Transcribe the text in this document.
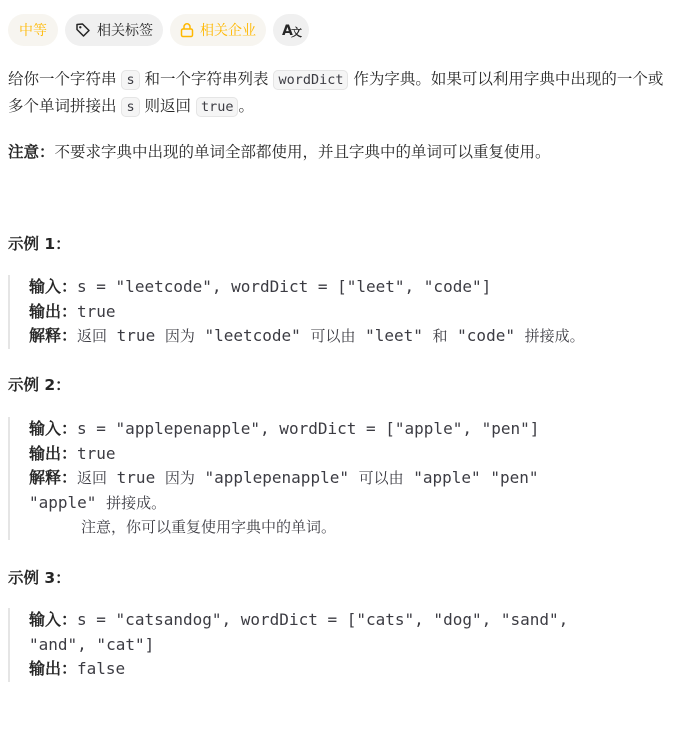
中等	相关标签	相关企业 A
文
给你一个字符串 s 和一个字符串列表 wordDict 作为字典。如果可以利用字典中出现的一个或多个单词拼接出 s 则返回 true 。
注意：不要求字典中出现的单词全部都使用，并且字典中的单词可以重复使用。
示例 1：
输入：s = "leetcode", wordDict = ["leet", "code"]
输出：true
解释：返回 true 因为 "leetcode" 可以由 "leet" 和 "code" 拼接成。
示例 2：
输入：s = "applepenapple", wordDict = ["apple", "pen"]
输出：true
解释：返回 true 因为 "applepenapple" 可以由 "apple" "pen"
"apple" 拼接成。
注意，你可以重复使用字典中的单词。
示例 3：
输入：s = "catsandog", wordDict = ["cats", "dog", "sand",
"and", "cat"]
输出：false
